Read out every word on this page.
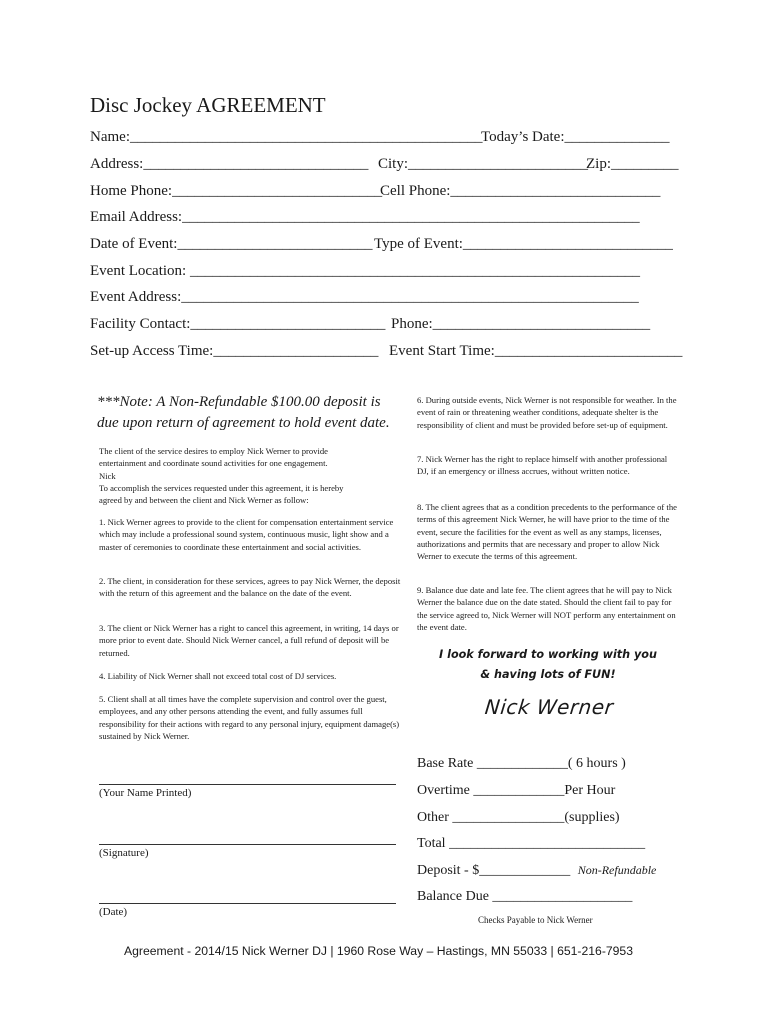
Disc Jockey AGREEMENT
Name:_______________________________________________
Today’s Date:______________
Address:______________________________ City:________________________
Zip:_________
Home Phone:____________________________
Cell Phone:____________________________
Email Address:_____________________________________________________________
Date of Event:__________________________ Type of Event:____________________________
Event Location: ____________________________________________________________
Event Address:_____________________________________________________________
Facility Contact:__________________________ Phone:_____________________________
Set-up Access Time:______________________ Event Start Time:_________________________
***Note: A Non-Refundable $100.00 deposit is
due upon return of agreement to hold event date.
The client of the service desires to employ Nick Werner to provide
entertainment and coordinate sound activities for one engagement.
Nick
To accomplish the services requested under this agreement, it is hereby
agreed by and between the client and Nick Werner as follow:
1. Nick Werner agrees to provide to the client for compensation entertainment service which may include a professional sound system, continuous music, light show and a master of ceremonies to coordinate these entertainment and social activities.
2. The client, in consideration for these services, agrees to pay Nick Werner, the deposit with the return of this agreement and the balance on the date of the event.
3. The client or Nick Werner has a right to cancel this agreement, in writing, 14 days or more prior to event date. Should Nick Werner cancel, a full refund of deposit will be returned.
4. Liability of Nick Werner shall not exceed total cost of DJ services.
5. Client shall at all times have the complete supervision and control over the guest, employees, and any other persons attending the event, and fully assumes full responsibility for their actions with regard to any personal injury, equipment damage(s) sustained by Nick Werner.
6. During outside events, Nick Werner is not responsible for weather. In the event of rain or threatening weather conditions, adequate shelter is the responsibility of client and must be provided before set-up of equipment.
7. Nick Werner has the right to replace himself with another professional DJ, if an emergency or illness accrues, without written notice.
8. The client agrees that as a condition precedents to the performance of the terms of this agreement Nick Werner, he will have prior to the time of the event, secure the facilities for the event as well as any stamps, licenses, authorizations and permits that are necessary and proper to allow Nick Werner to execute the terms of this agreement.
9. Balance due date and late fee. The client agrees that he will pay to Nick Werner the balance due on the date stated. Should the client fail to pay for the service agreed to, Nick Werner will NOT perform any entertainment on the event date.
I look forward to working with you
& having lots of FUN!
Nick Werner
(Your Name Printed)
(Signature)
(Date)
Base Rate _____________( 6 hours )
Overtime _____________Per Hour
Other ________________(supplies)
Total ____________________________
Deposit - $_____________ Non-Refundable
Balance Due ____________________
Checks Payable to Nick Werner
Agreement - 2014/15 Nick Werner DJ | 1960 Rose Way – Hastings, MN 55033 | 651-216-7953
